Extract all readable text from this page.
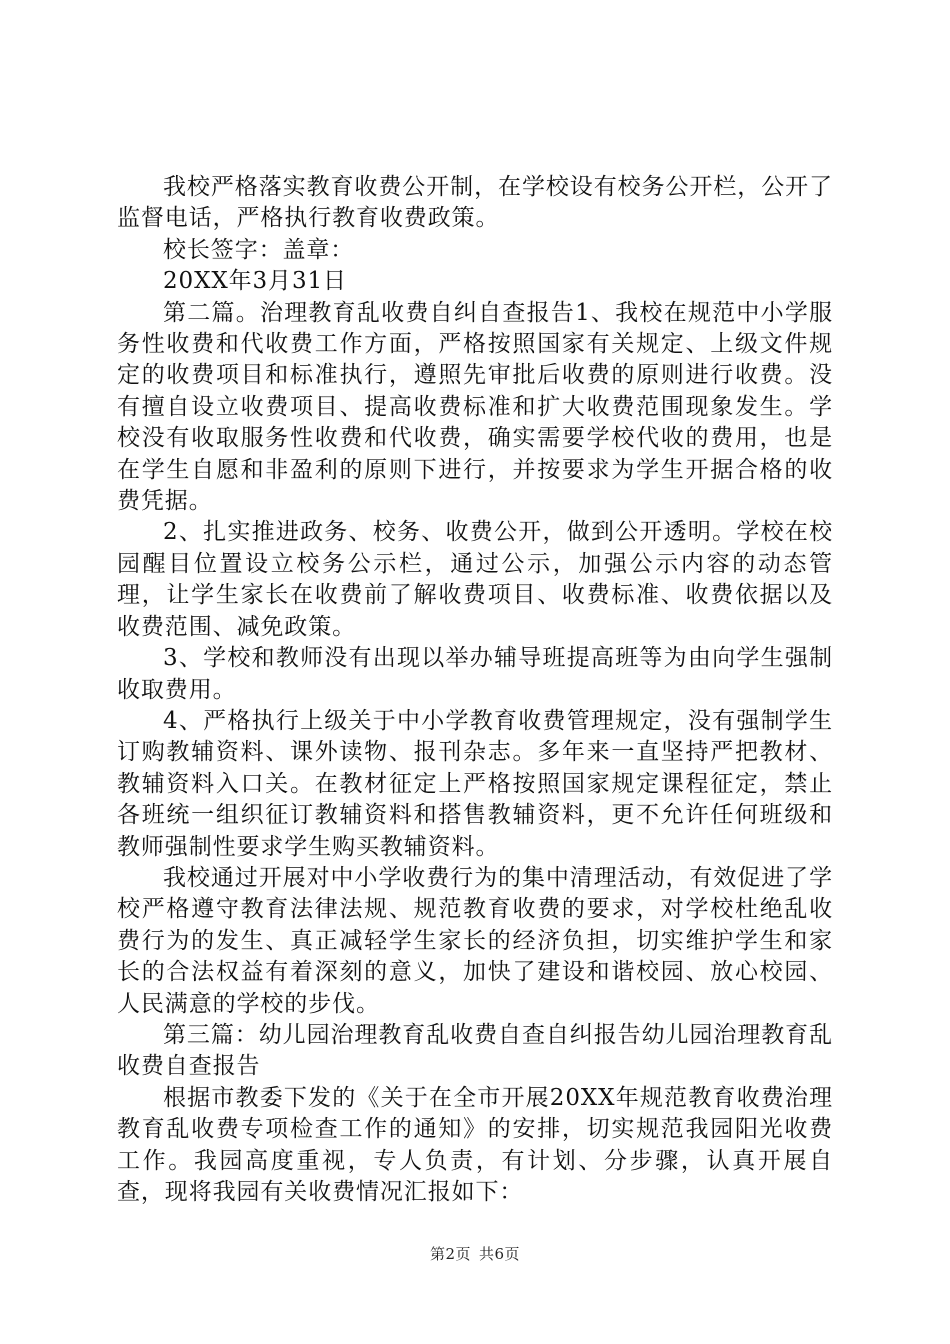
我校严格落实教育收费公开制，在学校设有校务公开栏，公开了监督电话，严格执行教育收费政策。

校长签字：盖章：

20XX年3月31日

第二篇。治理教育乱收费自纠自查报告1、我校在规范中小学服务性收费和代收费工作方面，严格按照国家有关规定、上级文件规定的收费项目和标准执行，遵照先审批后收费的原则进行收费。没有擅自设立收费项目、提高收费标准和扩大收费范围现象发生。学校没有收取服务性收费和代收费，确实需要学校代收的费用，也是在学生自愿和非盈利的原则下进行，并按要求为学生开据合格的收费凭据。

2、扎实推进政务、校务、收费公开，做到公开透明。学校在校园醒目位置设立校务公示栏，通过公示，加强公示内容的动态管理，让学生家长在收费前了解收费项目、收费标准、收费依据以及收费范围、减免政策。

3、学校和教师没有出现以举办辅导班提高班等为由向学生强制收取费用。

4、严格执行上级关于中小学教育收费管理规定，没有强制学生订购教辅资料、课外读物、报刊杂志。多年来一直坚持严把教材、教辅资料入口关。在教材征定上严格按照国家规定课程征定，禁止各班统一组织征订教辅资料和搭售教辅资料，更不允许任何班级和教师强制性要求学生购买教辅资料。

我校通过开展对中小学收费行为的集中清理活动，有效促进了学校严格遵守教育法律法规、规范教育收费的要求，对学校杜绝乱收费行为的发生、真正减轻学生家长的经济负担，切实维护学生和家长的合法权益有着深刻的意义，加快了建设和谐校园、放心校园、人民满意的学校的步伐。

第三篇：幼儿园治理教育乱收费自查自纠报告幼儿园治理教育乱收费自查报告

根据市教委下发的《关于在全市开展20XX年规范教育收费治理教育乱收费专项检查工作的通知》的安排，切实规范我园阳光收费工作。我园高度重视，专人负责，有计划、分步骤，认真开展自查，现将我园有关收费情况汇报如下：

第2页 共6页
